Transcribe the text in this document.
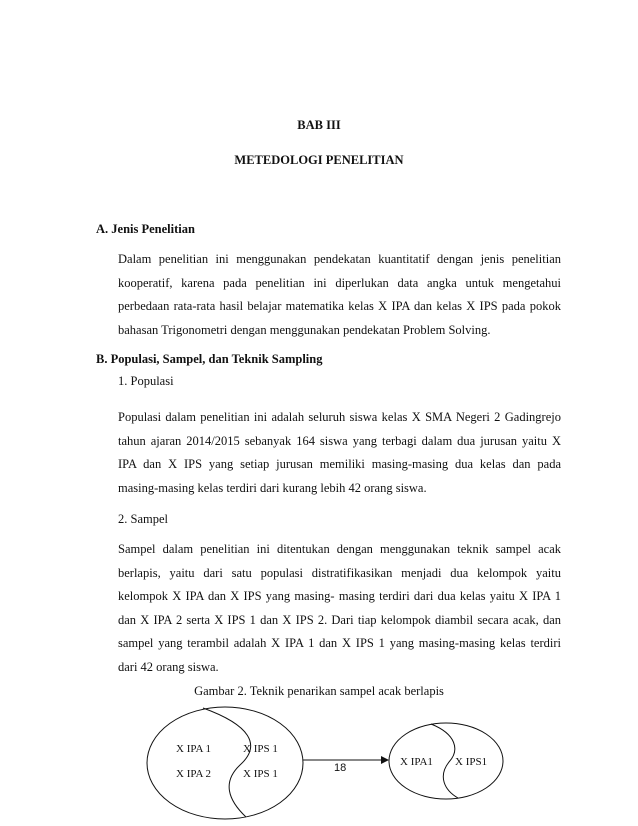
BAB III
METEDOLOGI PENELITIAN
A. Jenis Penelitian
Dalam penelitian ini menggunakan pendekatan kuantitatif dengan jenis penelitian
kooperatif, karena pada penelitian ini diperlukan data angka untuk mengetahui
perbedaan rata-rata hasil belajar matematika kelas X IPA dan kelas X IPS pada pokok
bahasan Trigonometri dengan menggunakan pendekatan Problem Solving.
B. Populasi, Sampel, dan Teknik Sampling
1. Populasi
Populasi dalam penelitian ini adalah seluruh siswa kelas X SMA Negeri 2 Gadingrejo
tahun ajaran 2014/2015 sebanyak 164 siswa yang terbagi dalam dua jurusan yaitu X
IPA dan X IPS yang setiap jurusan memiliki masing-masing dua kelas dan pada
masing-masing kelas terdiri dari kurang lebih 42 orang siswa.
2. Sampel
Sampel dalam penelitian ini ditentukan dengan menggunakan teknik sampel acak
berlapis, yaitu dari satu populasi distratifikasikan menjadi dua kelompok yaitu
kelompok X IPA dan X IPS yang masing- masing terdiri dari dua kelas yaitu X IPA 1
dan X IPA 2 serta X IPS 1 dan X IPS 2. Dari tiap kelompok diambil secara acak, dan
sampel yang terambil adalah X IPA 1 dan X IPS 1 yang masing-masing kelas terdiri
dari 42 orang siswa.
Gambar 2. Teknik penarikan sampel acak berlapis
X IPA 1
X IPA 2
X IPS 1
X IPS 1	18	X IPA1 X IPS1
